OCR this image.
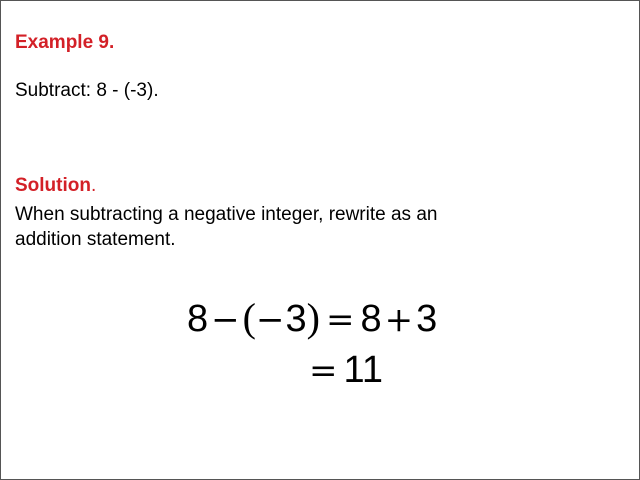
Example 9.
Subtract: 8 - (-3).
Solution.
When subtracting a negative integer, rewrite as an
addition statement.
8−(−3) = 8+3
= 11
